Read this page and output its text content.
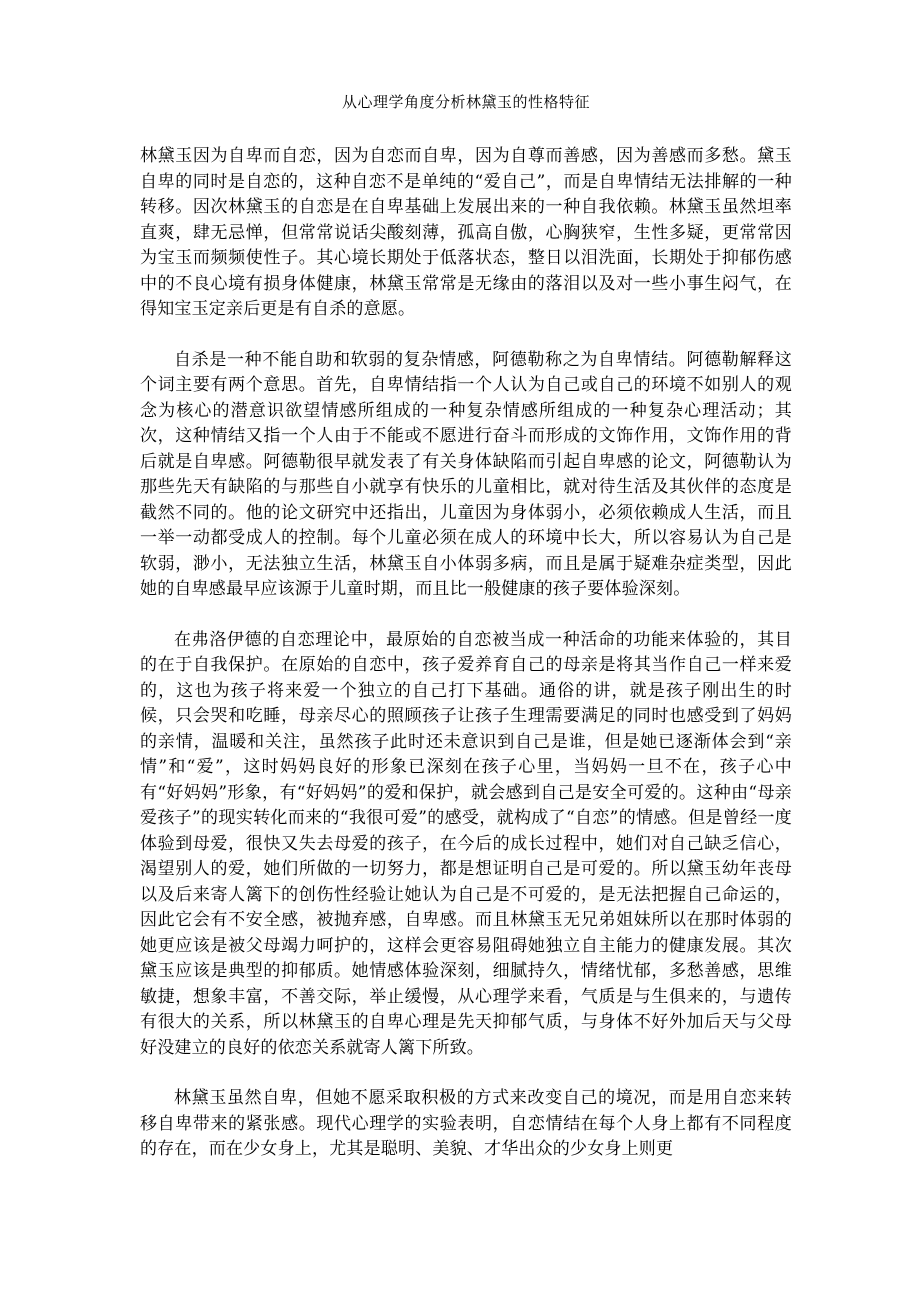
从心理学角度分析林黛玉的性格特征

林黛玉因为自卑而自恋，因为自恋而自卑，因为自尊而善感，因为善感而多愁。黛玉自卑的同时是自恋的，这种自恋不是单纯的“爱自己”，而是自卑情结无法排解的一种转移。因次林黛玉的自恋是在自卑基础上发展出来的一种自我依赖。林黛玉虽然坦率直爽，肆无忌惮，但常常说话尖酸刻薄，孤高自傲，心胸狭窄，生性多疑，更常常因为宝玉而频频使性子。其心境长期处于低落状态，整日以泪洗面，长期处于抑郁伤感中的不良心境有损身体健康，林黛玉常常是无缘由的落泪以及对一些小事生闷气，在得知宝玉定亲后更是有自杀的意愿。

自杀是一种不能自助和软弱的复杂情感，阿德勒称之为自卑情结。阿德勒解释这个词主要有两个意思。首先，自卑情结指一个人认为自己或自己的环境不如别人的观念为核心的潜意识欲望情感所组成的一种复杂情感所组成的一种复杂心理活动；其次，这种情结又指一个人由于不能或不愿进行奋斗而形成的文饰作用，文饰作用的背后就是自卑感。阿德勒很早就发表了有关身体缺陷而引起自卑感的论文，阿德勒认为那些先天有缺陷的与那些自小就享有快乐的儿童相比，就对待生活及其伙伴的态度是截然不同的。他的论文研究中还指出，儿童因为身体弱小，必须依赖成人生活，而且一举一动都受成人的控制。每个儿童必须在成人的环境中长大，所以容易认为自己是软弱，渺小，无法独立生活，林黛玉自小体弱多病，而且是属于疑难杂症类型，因此她的自卑感最早应该源于儿童时期，而且比一般健康的孩子要体验深刻。

在弗洛伊德的自恋理论中，最原始的自恋被当成一种活命的功能来体验的，其目的在于自我保护。在原始的自恋中，孩子爱养育自己的母亲是将其当作自己一样来爱的，这也为孩子将来爱一个独立的自己打下基础。通俗的讲，就是孩子刚出生的时候，只会哭和吃睡，母亲尽心的照顾孩子让孩子生理需要满足的同时也感受到了妈妈的亲情，温暖和关注，虽然孩子此时还未意识到自己是谁，但是她已逐渐体会到“亲情”和“爱”，这时妈妈良好的形象已深刻在孩子心里，当妈妈一旦不在，孩子心中有“好妈妈”形象，有“好妈妈”的爱和保护，就会感到自己是安全可爱的。这种由“母亲爱孩子”的现实转化而来的“我很可爱”的感受，就构成了“自恋”的情感。但是曾经一度体验到母爱，很快又失去母爱的孩子，在今后的成长过程中，她们对自己缺乏信心，渴望别人的爱，她们所做的一切努力，都是想证明自己是可爱的。所以黛玉幼年丧母以及后来寄人篱下的创伤性经验让她认为自己是不可爱的，是无法把握自己命运的，因此它会有不安全感，被抛弃感，自卑感。而且林黛玉无兄弟姐妹所以在那时体弱的她更应该是被父母竭力呵护的，这样会更容易阻碍她独立自主能力的健康发展。其次黛玉应该是典型的抑郁质。她情感体验深刻，细腻持久，情绪忧郁，多愁善感，思维敏捷，想象丰富，不善交际，举止缓慢，从心理学来看，气质是与生俱来的，与遗传有很大的关系，所以林黛玉的自卑心理是先天抑郁气质，与身体不好外加后天与父母好没建立的良好的依恋关系就寄人篱下所致。

林黛玉虽然自卑，但她不愿采取积极的方式来改变自己的境况，而是用自恋来转移自卑带来的紧张感。现代心理学的实验表明，自恋情结在每个人身上都有不同程度的存在，而在少女身上，尤其是聪明、美貌、才华出众的少女身上则更
